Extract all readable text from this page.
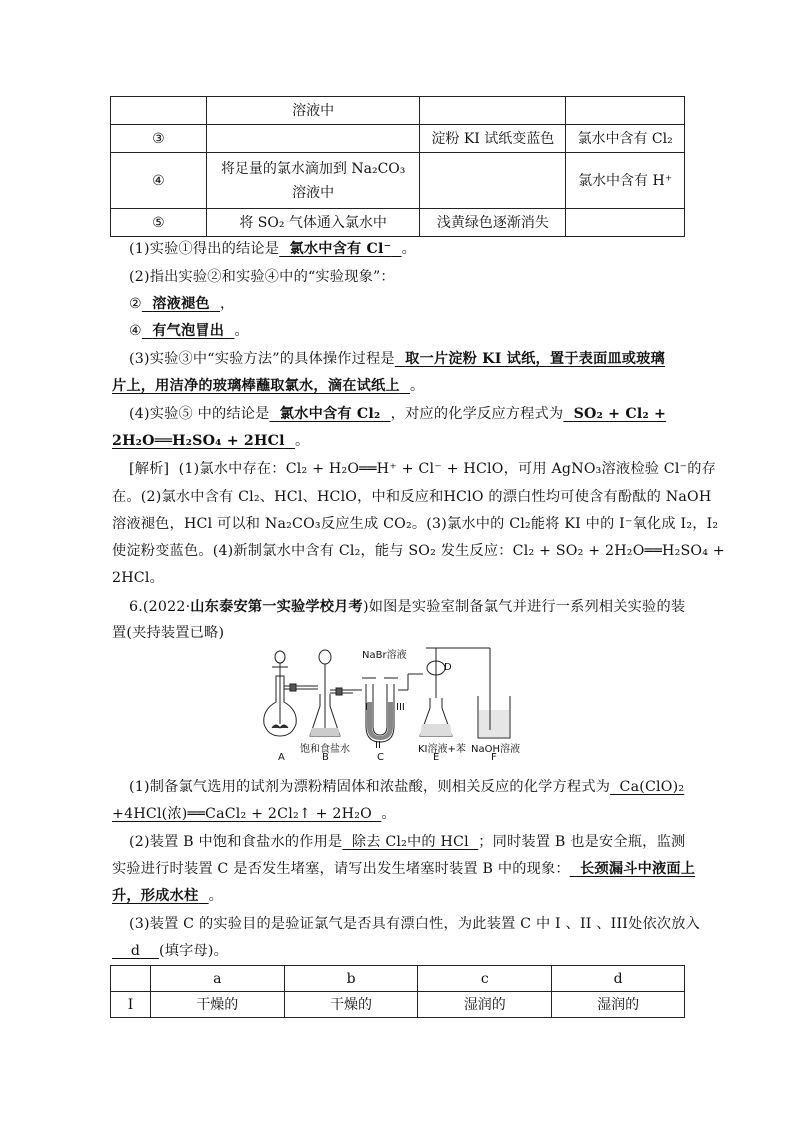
	溶液中		
③		淀粉 KI 试纸变蓝色	氯水中含有 Cl₂
④	将足量的氯水滴加到 Na₂CO₃溶液中		氯水中含有 H⁺
⑤	将 SO₂ 气体通入氯水中	浅黄绿色逐渐消失	
(1)实验①得出的结论是 氯水中含有 Cl⁻ 。
(2)指出实验②和实验④中的“实验现象”：
② 溶液褪色 ，
④ 有气泡冒出 。
(3)实验③中“实验方法”的具体操作过程是 取一片淀粉 KI 试纸，置于表面皿或玻璃
片上，用洁净的玻璃棒蘸取氯水，滴在试纸上 。
(4)实验⑤ 中的结论是 氯水中含有 Cl₂ ，对应的化学反应方程式为 SO₂ + Cl₂ +
2H₂O══H₂SO₄ + 2HCl 。
[解析] (1)氯水中存在：Cl₂ + H₂O══H⁺ + Cl⁻ + HClO，可用 AgNO₃溶液检验 Cl⁻的存
在。(2)氯水中含有 Cl₂、HCl、HClO，中和反应和HClO 的漂白性均可使含有酚酞的 NaOH
溶液褪色，HCl 可以和 Na₂CO₃反应生成 CO₂。(3)氯水中的 Cl₂能将 KI 中的 I⁻氧化成 I₂，I₂
使淀粉变蓝色。(4)新制氯水中含有 Cl₂，能与 SO₂ 发生反应：Cl₂ + SO₂ + 2H₂O══H₂SO₄ +
2HCl。
6.(2022·山东泰安第一实验学校月考)如图是实验室制备氯气并进行一系列相关实验的装
置(夹持装置已略)
NaBr溶液
D
I	III
饱和食盐水	II	KI溶液+苯 NaOH溶液
A	B	C	E	F
(1)制备氯气选用的试剂为漂粉精固体和浓盐酸，则相关反应的化学方程式为 Ca(ClO)₂
+4HCl(浓)══CaCl₂ + 2Cl₂↑ + 2H₂O 。
(2)装置 B 中饱和食盐水的作用是 除去 Cl₂中的 HCl ；同时装置 B 也是安全瓶，监测
实验进行时装置 C 是否发生堵塞，请写出发生堵塞时装置 B 中的现象： 长颈漏斗中液面上
升，形成水柱 。
(3)装置 C 的实验目的是验证氯气是否具有漂白性，为此装置 C 中 I 、II 、III处依次放入
d (填字母)。
	a	b	c	d
I	干燥的	干燥的	湿润的	湿润的
